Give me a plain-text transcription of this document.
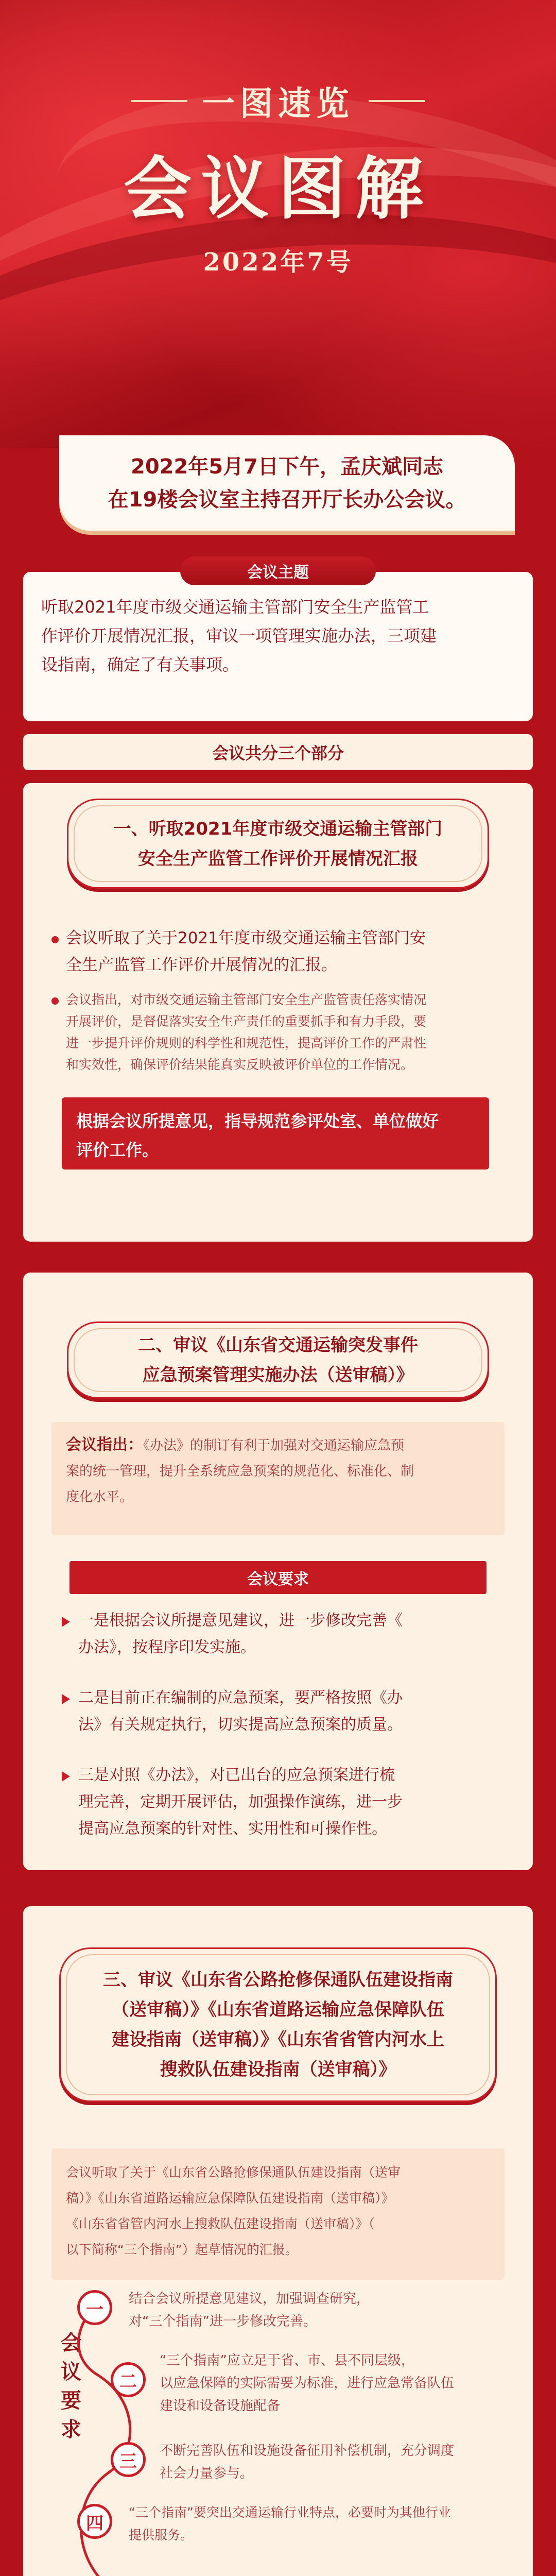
一图速览
会议图解
2022年7号
2022年5月7日下午，孟庆斌同志
在19楼会议室主持召开厅长办公会议。
会议主题
听取2021年度市级交通运输主管部门安全生产监管工
作评价开展情况汇报，审议一项管理实施办法，三项建
设指南，确定了有关事项。
会议共分三个部分
一、听取2021年度市级交通运输主管部门
安全生产监管工作评价开展情况汇报
会议听取了关于2021年度市级交通运输主管部门安
全生产监管工作评价开展情况的汇报。
会议指出，对市级交通运输主管部门安全生产监管责任落实情况
开展评价，是督促落实安全生产责任的重要抓手和有力手段，要
进一步提升评价规则的科学性和规范性，提高评价工作的严肃性
和实效性，确保评价结果能真实反映被评价单位的工作情况。
根据会议所提意见，指导规范参评处室、单位做好
评价工作。
二、审议《山东省交通运输突发事件
应急预案管理实施办法（送审稿）》
会议指出：《办法》的制订有利于加强对交通运输应急预
案的统一管理，提升全系统应急预案的规范化、标准化、制
度化水平。
会议要求
一是根据会议所提意见建议，进一步修改完善《
办法》，按程序印发实施。
二是目前正在编制的应急预案，要严格按照《办
法》有关规定执行，切实提高应急预案的质量。
三是对照《办法》，对已出台的应急预案进行梳
理完善，定期开展评估，加强操作演练，进一步
提高应急预案的针对性、实用性和可操作性。
三、审议《山东省公路抢修保通队伍建设指南
（送审稿）》《山东省道路运输应急保障队伍
建设指南（送审稿）》《山东省省管内河水上
搜救队伍建设指南（送审稿）》
会议听取了关于《山东省公路抢修保通队伍建设指南（送审
稿）》《山东省道路运输应急保障队伍建设指南（送审稿）》
《山东省省管内河水上搜救队伍建设指南（送审稿）》（
以下简称“三个指南”）起草情况的汇报。
会
议
要
求
一
结合会议所提意见建议，加强调查研究，
对“三个指南”进一步修改完善。
二
“三个指南”应立足于省、市、县不同层级，
以应急保障的实际需要为标准，进行应急常备队伍
建设和设备设施配备
三
不断完善队伍和设施设备征用补偿机制，充分调度
社会力量参与。
四
“三个指南”要突出交通运输行业特点，必要时为其他行业
提供服务。
